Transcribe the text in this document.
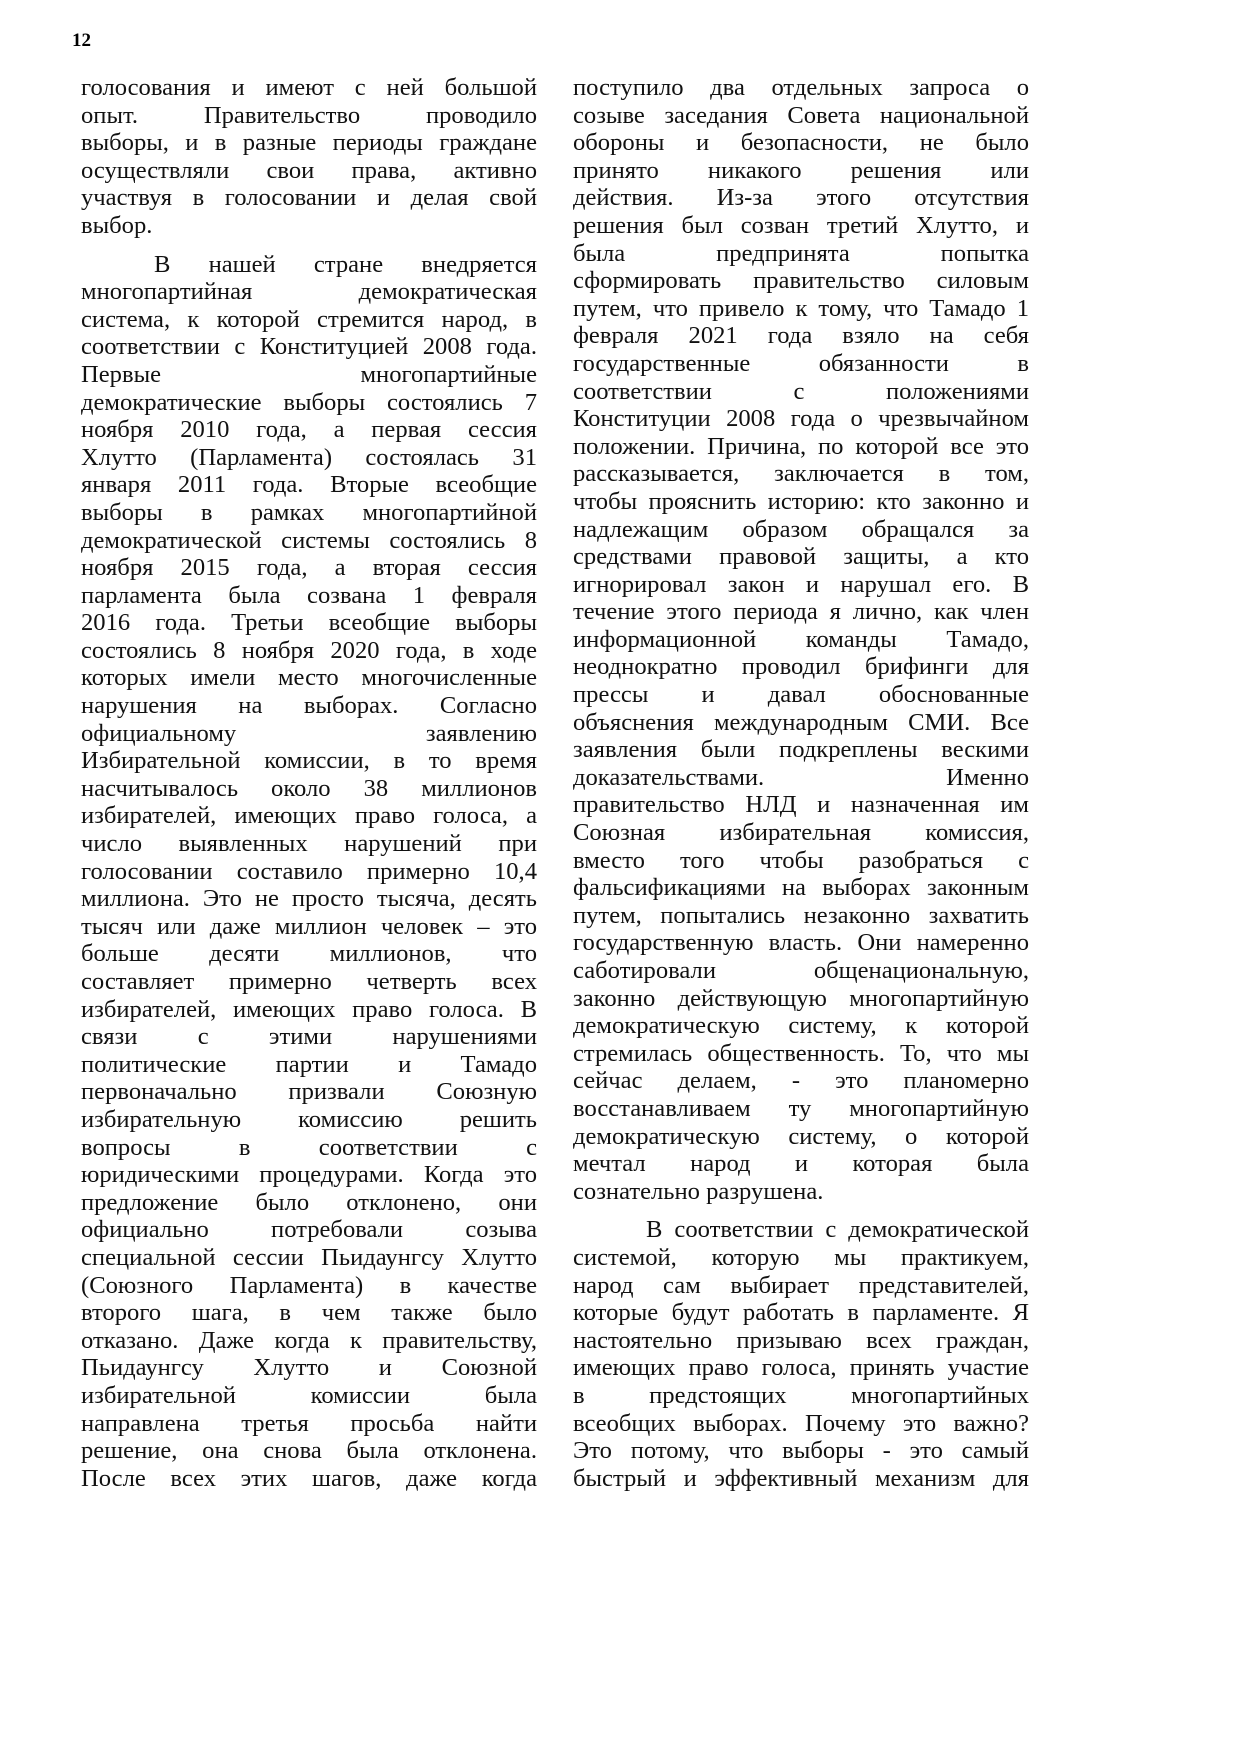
12
голосования и имеют с ней большой
опыт. Правительство проводило
выборы, и в разные периоды граждане
осуществляли свои права, активно
участвуя в голосовании и делая свой
выбор.
В нашей стране внедряется
многопартийная демократическая
система, к которой стремится народ, в
соответствии с Конституцией 2008 года.
Первые многопартийные
демократические выборы состоялись 7
ноября 2010 года, а первая сессия
Хлутто (Парламента) состоялась 31
января 2011 года. Вторые всеобщие
выборы в рамках многопартийной
демократической системы состоялись 8
ноября 2015 года, а вторая сессия
парламента была созвана 1 февраля
2016 года. Третьи всеобщие выборы
состоялись 8 ноября 2020 года, в ходе
которых имели место многочисленные
нарушения на выборах. Согласно
официальному заявлению
Избирательной комиссии, в то время
насчитывалось около 38 миллионов
избирателей, имеющих право голоса, а
число выявленных нарушений при
голосовании составило примерно 10,4
миллиона. Это не просто тысяча, десять
тысяч или даже миллион человек – это
больше десяти миллионов, что
составляет примерно четверть всех
избирателей, имеющих право голоса. В
связи с этими нарушениями
политические партии и Тамадо
первоначально призвали Союзную
избирательную комиссию решить
вопросы в соответствии с
юридическими процедурами. Когда это
предложение было отклонено, они
официально потребовали созыва
специальной сессии Пьидаунгсу Хлутто
(Союзного Парламента) в качестве
второго шага, в чем также было
отказано. Даже когда к правительству,
Пьидаунгсу Хлутто и Союзной
избирательной комиссии была
направлена третья просьба найти
решение, она снова была отклонена.
После всех этих шагов, даже когда
поступило два отдельных запроса о
созыве заседания Совета национальной
обороны и безопасности, не было
принято никакого решения или
действия. Из-за этого отсутствия
решения был созван третий Хлутто, и
была предпринята попытка
сформировать правительство силовым
путем, что привело к тому, что Тамадо 1
февраля 2021 года взяло на себя
государственные обязанности в
соответствии с положениями
Конституции 2008 года о чрезвычайном
положении. Причина, по которой все это
рассказывается, заключается в том,
чтобы прояснить историю: кто законно и
надлежащим образом обращался за
средствами правовой защиты, а кто
игнорировал закон и нарушал его. В
течение этого периода я лично, как член
информационной команды Тамадо,
неоднократно проводил брифинги для
прессы и давал обоснованные
объяснения международным СМИ. Все
заявления были подкреплены вескими
доказательствами. Именно
правительство НЛД и назначенная им
Союзная избирательная комиссия,
вместо того чтобы разобраться с
фальсификациями на выборах законным
путем, попытались незаконно захватить
государственную власть. Они намеренно
саботировали общенациональную,
законно действующую многопартийную
демократическую систему, к которой
стремилась общественность. То, что мы
сейчас делаем, - это планомерно
восстанавливаем ту многопартийную
демократическую систему, о которой
мечтал народ и которая была
сознательно разрушена.
В соответствии с демократической
системой, которую мы практикуем,
народ сам выбирает представителей,
которые будут работать в парламенте. Я
настоятельно призываю всех граждан,
имеющих право голоса, принять участие
в предстоящих многопартийных
всеобщих выборах. Почему это важно?
Это потому, что выборы - это самый
быстрый и эффективный механизм для
